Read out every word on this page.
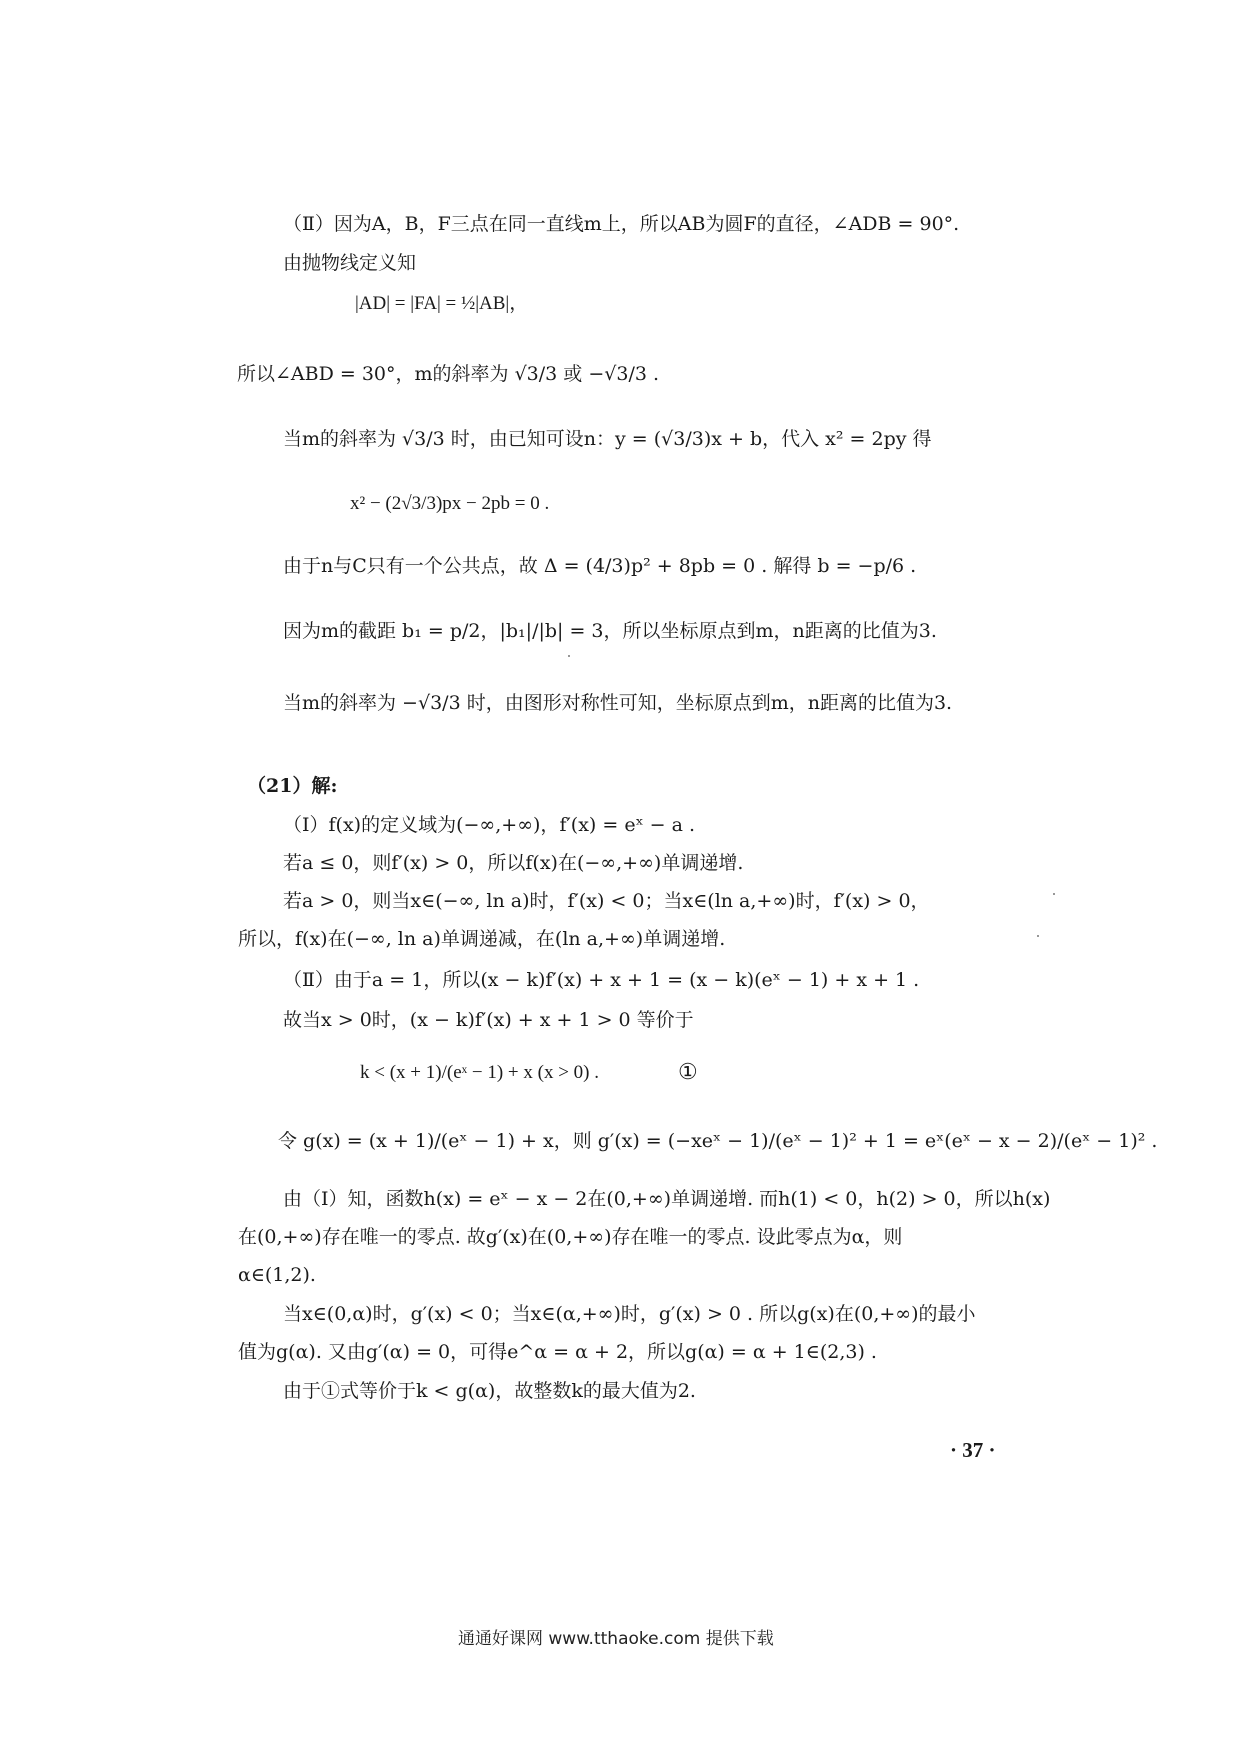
（Ⅱ）因为A，B，F三点在同一直线m上，所以AB为圆F的直径，∠ADB = 90°.
由抛物线定义知
|AD| = |FA| = ½|AB|，
所以∠ABD = 30°，m的斜率为 √3/3 或 −√3/3 .
当m的斜率为 √3/3 时，由已知可设n：y = (√3/3)x + b，代入 x² = 2py 得
x² − (2√3/3)px − 2pb = 0 .
由于n与C只有一个公共点，故 Δ = (4/3)p² + 8pb = 0 . 解得 b = −p/6 .
因为m的截距 b₁ = p/2，|b₁|/|b| = 3，所以坐标原点到m，n距离的比值为3.
当m的斜率为 −√3/3 时，由图形对称性可知，坐标原点到m，n距离的比值为3.
（21）解:
（Ⅰ）f(x)的定义域为(−∞,+∞)，f′(x) = eˣ − a .
若a ≤ 0，则f′(x) > 0，所以f(x)在(−∞,+∞)单调递增.
若a > 0，则当x∈(−∞, ln a)时，f′(x) < 0；当x∈(ln a,+∞)时，f′(x) > 0，
所以，f(x)在(−∞, ln a)单调递减，在(ln a,+∞)单调递增.
（Ⅱ）由于a = 1，所以(x − k)f′(x) + x + 1 = (x − k)(eˣ − 1) + x + 1 .
故当x > 0时，(x − k)f′(x) + x + 1 > 0 等价于
k < (x + 1)/(eˣ − 1) + x (x > 0) .	①
令 g(x) = (x + 1)/(eˣ − 1) + x，则 g′(x) = (−xeˣ − 1)/(eˣ − 1)² + 1 = eˣ(eˣ − x − 2)/(eˣ − 1)² .
由（Ⅰ）知，函数h(x) = eˣ − x − 2在(0,+∞)单调递增. 而h(1) < 0，h(2) > 0，所以h(x)
在(0,+∞)存在唯一的零点. 故g′(x)在(0,+∞)存在唯一的零点. 设此零点为α，则
α∈(1,2).
当x∈(0,α)时，g′(x) < 0；当x∈(α,+∞)时，g′(x) > 0 . 所以g(x)在(0,+∞)的最小
值为g(α). 又由g′(α) = 0，可得e^α = α + 2，所以g(α) = α + 1∈(2,3) .
由于①式等价于k < g(α)，故整数k的最大值为2.
· 37 ·
通通好课网 www.tthaoke.com 提供下载
